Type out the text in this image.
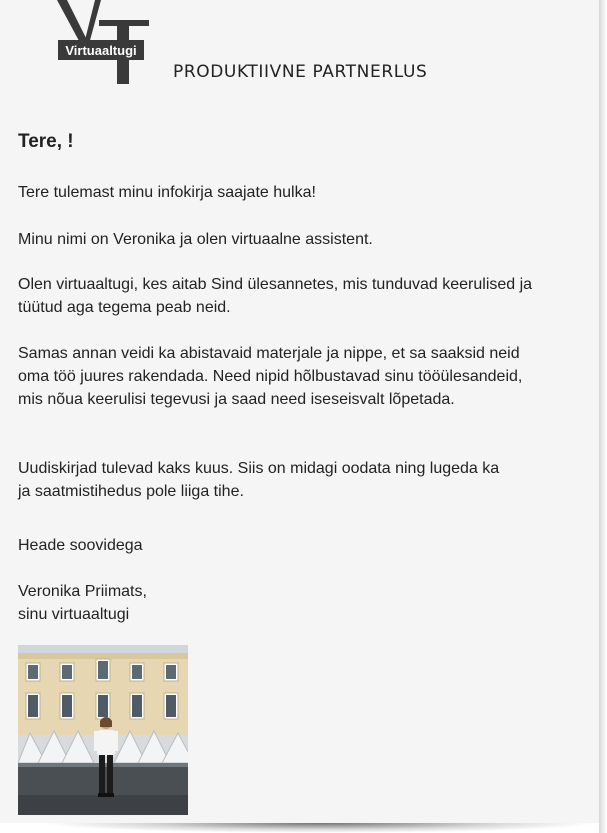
Virtuaaltugi
PRODUKTIIVNE PARTNERLUS
Tere, !
Tere tulemast minu infokirja saajate hulka!
Minu nimi on Veronika ja olen virtuaalne assistent.
Olen virtuaaltugi, kes aitab Sind ülesannetes, mis tunduvad keerulised ja
tüütud aga tegema peab neid.
Samas annan veidi ka abistavaid materjale ja nippe, et sa saaksid neid
oma töö juures rakendada. Need nipid hõlbustavad sinu tööülesandeid,
mis nõua keerulisi tegevusi ja saad need iseseisvalt lõpetada.
Uudiskirjad tulevad kaks kuus. Siis on midagi oodata ning lugeda ka
ja saatmistihedus pole liiga tihe.
Heade soovidega
Veronika Priimats,
sinu virtuaaltugi
